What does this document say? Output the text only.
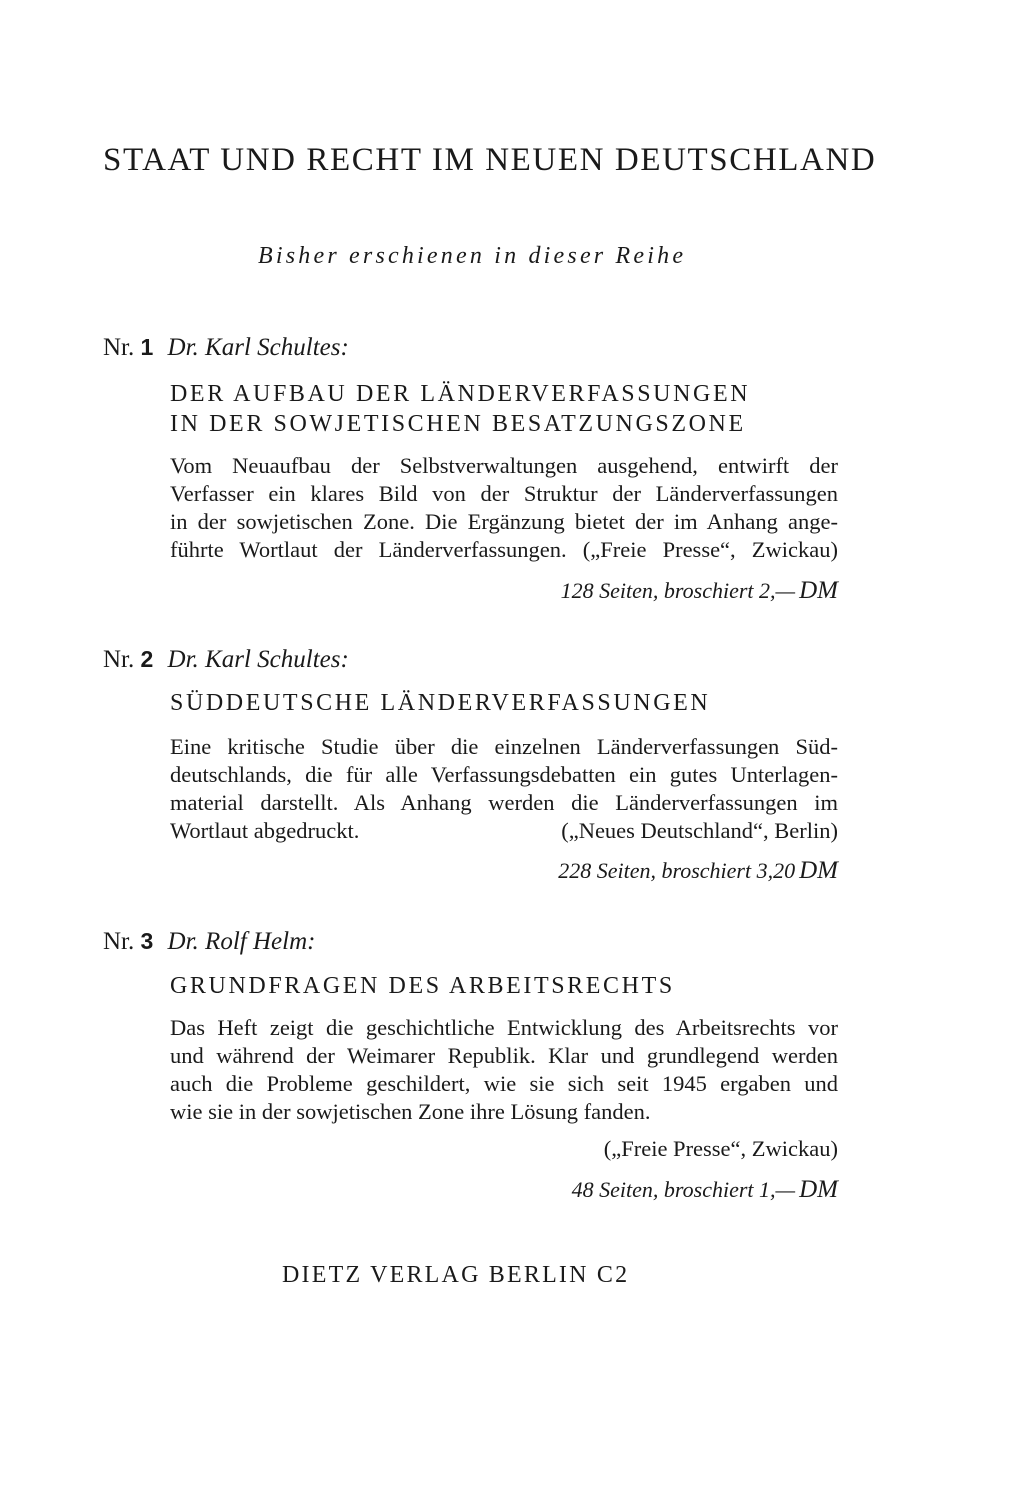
STAAT UND RECHT IM NEUEN DEUTSCHLAND
Bisher erschienen in dieser Reihe
Nr. 1 Dr. Karl Schultes:
DER AUFBAU DER LÄNDERVERFASSUNGEN
IN DER SOWJETISCHEN BESATZUNGSZONE
Vom Neuaufbau der Selbstverwaltungen ausgehend, entwirft der
Verfasser ein klares Bild von der Struktur der Länderverfassungen
in der sowjetischen Zone. Die Ergänzung bietet der im Anhang ange-
führte Wortlaut der Länderverfassungen. („Freie Presse“, Zwickau)
128 Seiten, broschiert 2,— DM
Nr. 2 Dr. Karl Schultes:
SÜDDEUTSCHE LÄNDERVERFASSUNGEN
Eine kritische Studie über die einzelnen Länderverfassungen Süd-
deutschlands, die für alle Verfassungsdebatten ein gutes Unterlagen-
material darstellt. Als Anhang werden die Länderverfassungen im
Wortlaut abgedruckt.	(„Neues Deutschland“, Berlin)
228 Seiten, broschiert 3,20 DM
Nr. 3 Dr. Rolf Helm:
GRUNDFRAGEN DES ARBEITSRECHTS
Das Heft zeigt die geschichtliche Entwicklung des Arbeitsrechts vor
und während der Weimarer Republik. Klar und grundlegend werden
auch die Probleme geschildert, wie sie sich seit 1945 ergaben und
wie sie in der sowjetischen Zone ihre Lösung fanden.
(„Freie Presse“, Zwickau)
48 Seiten, broschiert 1,— DM
DIETZ VERLAG BERLIN C2
